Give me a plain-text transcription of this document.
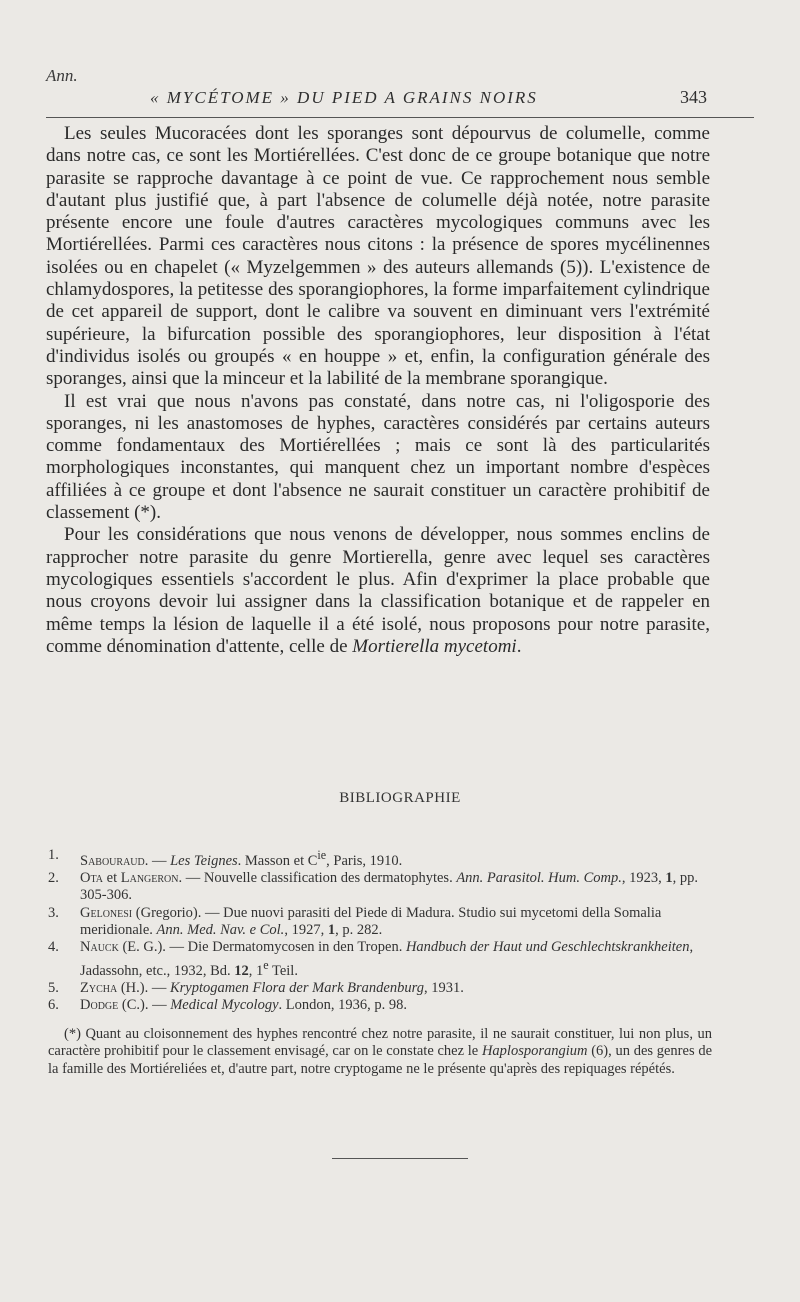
Ann.
« MYCÉTOME » DU PIED A GRAINS NOIRS	343

Les seules Mucoracées dont les sporanges sont dépourvus de columelle, comme dans notre cas, ce sont les Mortiérellées. C'est donc de ce groupe botanique que notre parasite se rapproche davantage à ce point de vue. Ce rapprochement nous semble d'autant plus justifié que, à part l'absence de columelle déjà notée, notre parasite présente encore une foule d'autres caractères mycologiques communs avec les Mortiérellées. Parmi ces caractères nous citons : la présence de spores mycélinennes isolées ou en chapelet (« Myzelgemmen » des auteurs allemands (5)). L'existence de chlamydospores, la petitesse des sporangiophores, la forme imparfaitement cylindrique de cet appareil de support, dont le calibre va souvent en diminuant vers l'extrémité supérieure, la bifurcation possible des sporangiophores, leur disposition à l'état d'individus isolés ou groupés « en houppe » et, enfin, la configuration générale des sporanges, ainsi que la minceur et la labilité de la membrane sporangique.

Il est vrai que nous n'avons pas constaté, dans notre cas, ni l'oligosporie des sporanges, ni les anastomoses de hyphes, caractères considérés par certains auteurs comme fondamentaux des Mortiérellées ; mais ce sont là des particularités morphologiques inconstantes, qui manquent chez un important nombre d'espèces affiliées à ce groupe et dont l'absence ne saurait constituer un caractère prohibitif de classement (*).

Pour les considérations que nous venons de développer, nous sommes enclins de rapprocher notre parasite du genre Mortierella, genre avec lequel ses caractères mycologiques essentiels s'accordent le plus. Afin d'exprimer la place probable que nous croyons devoir lui assigner dans la classification botanique et de rappeler en même temps la lésion de laquelle il a été isolé, nous proposons pour notre parasite, comme dénomination d'attente, celle de Mortierella mycetomi.

BIBLIOGRAPHIE
1. Sabouraud. — Les Teignes. Masson et $C^{ie}$, Paris, 1910.
2. Ota et Langeron. — Nouvelle classification des dermatophytes. Ann. Parasitol. Hum. Comp., 1923, 1, pp. 305-306.
3. Gelonesi (Gregorio). — Due nuovi parasiti del Piede di Madura. Studio sui mycetomi della Somalia meridionale. Ann. Med. Nav. e Col., 1927, 1, p. 282.
4. Nauck (E. G.). — Die Dermatomycosen in den Tropen. Handbuch der Haut und Geschlechtskrankheiten, Jadassohn, etc., 1932, Bd. 12, 1e Teil.
5. Zycha (H.). — Kryptogamen Flora der Mark Brandenburg, 1931.
6. Dodge (C.). — Medical Mycology. London, 1936, p. 98.

(*) Quant au cloisonnement des hyphes rencontré chez notre parasite, il ne saurait constituer, lui non plus, un caractère prohibitif pour le classement envisagé, car on le constate chez le Haplosporangium (6), un des genres de la famille des Mortiéreliées et, d'autre part, notre cryptogame ne le présente qu'après des repiquages répétés.
